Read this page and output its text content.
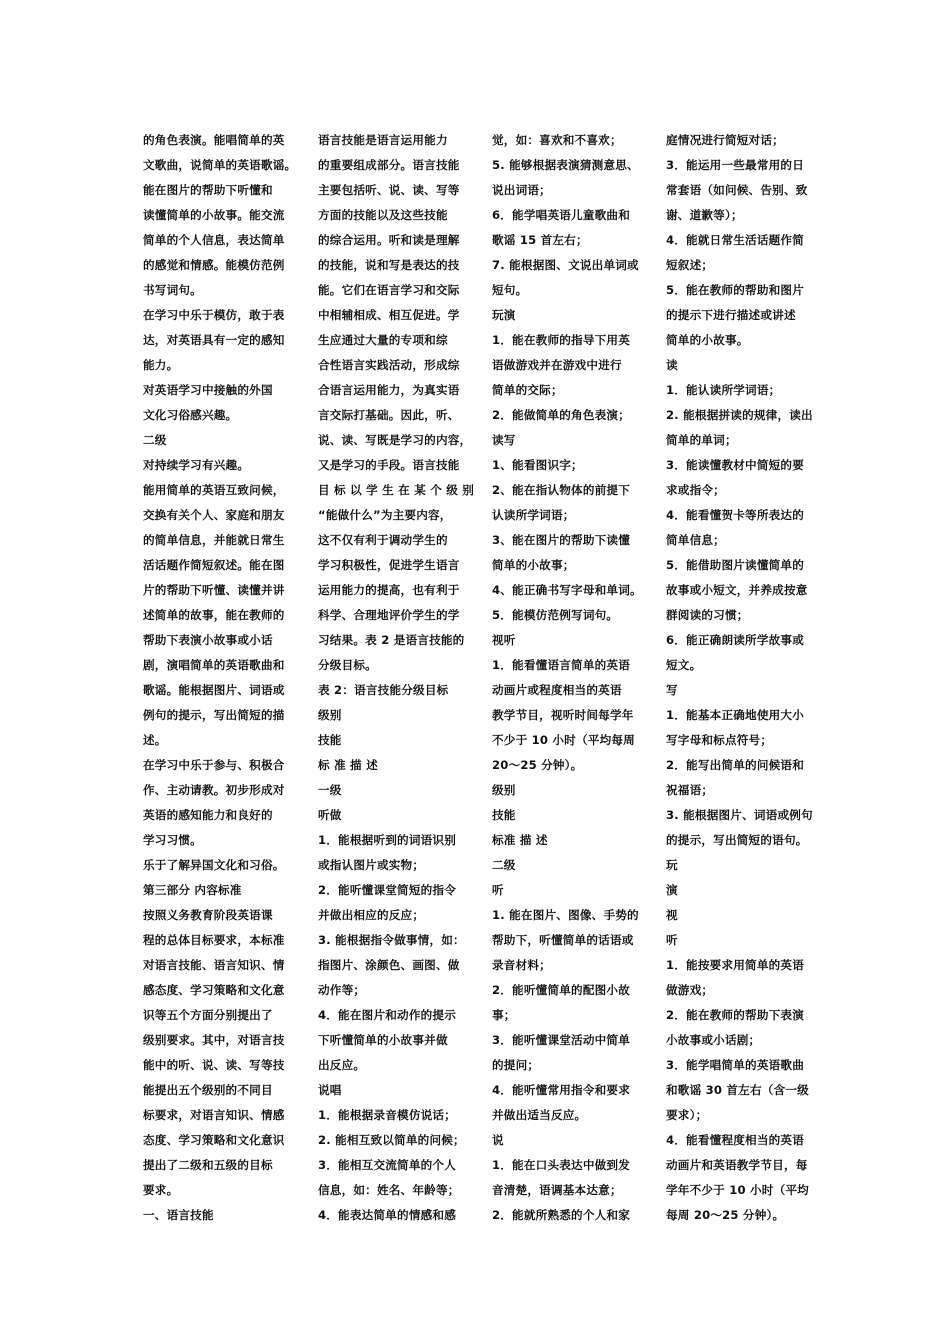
的角色表演。能唱简单的英
文歌曲，说简单的英语歌谣。
能在图片的帮助下听懂和
读懂简单的小故事。能交流
简单的个人信息，表达简单
的感觉和情感。能模仿范例
书写词句。
在学习中乐于模仿，敢于表
达，对英语具有一定的感知
能力。
对英语学习中接触的外国
文化习俗感兴趣。
二级
对持续学习有兴趣。
能用简单的英语互致问候，
交换有关个人、家庭和朋友
的简单信息，并能就日常生
活话题作简短叙述。能在图
片的帮助下听懂、读懂并讲
述简单的故事，能在教师的
帮助下表演小故事或小话
剧，演唱简单的英语歌曲和
歌谣。能根据图片、词语或
例句的提示，写出简短的描
述。
在学习中乐于参与、积极合
作、主动请教。初步形成对
英语的感知能力和良好的
学习习惯。
乐于了解异国文化和习俗。
第三部分 内容标准
按照义务教育阶段英语课
程的总体目标要求，本标准
对语言技能、语言知识、情
感态度、学习策略和文化意
识等五个方面分别提出了
级别要求。其中，对语言技
能中的听、说、读、写等技
能提出五个级别的不同目
标要求，对语言知识、情感
态度、学习策略和文化意识
提出了二级和五级的目标
要求。
一、语言技能
语言技能是语言运用能力
的重要组成部分。语言技能
主要包括听、说、读、写等
方面的技能以及这些技能
的综合运用。听和读是理解
的技能，说和写是表达的技
能。它们在语言学习和交际
中相辅相成、相互促进。学
生应通过大量的专项和综
合性语言实践活动，形成综
合语言运用能力，为真实语
言交际打基础。因此，听、
说、读、写既是学习的内容，
又是学习的手段。语言技能
目 标 以 学 生 在 某 个 级 别
“能做什么”为主要内容，
这不仅有利于调动学生的
学习积极性，促进学生语言
运用能力的提高，也有利于
科学、合理地评价学生的学
习结果。表 2 是语言技能的
分级目标。
表 2：语言技能分级目标
级别
技能
标 准 描 述
一级
听做
1．能根据听到的词语识别
或指认图片或实物；
2．能听懂课堂简短的指令
并做出相应的反应；
3. 能根据指令做事情，如：
指图片、涂颜色、画图、做
动作等；
4．能在图片和动作的提示
下听懂简单的小故事并做
出反应。
说唱
1．能根据录音模仿说话；
2. 能相互致以简单的问候；
3．能相互交流简单的个人
信息，如：姓名、年龄等；
4．能表达简单的情感和感
觉，如：喜欢和不喜欢；
5. 能够根据表演猜测意思、
说出词语；
6．能学唱英语儿童歌曲和
歌谣 15 首左右；
7. 能根据图、文说出单词或
短句。
玩演
1．能在教师的指导下用英
语做游戏并在游戏中进行
简单的交际；
2．能做简单的角色表演；
读写
1、能看图识字；
2、能在指认物体的前提下
认读所学词语；
3、能在图片的帮助下读懂
简单的小故事；
4、能正确书写字母和单词。
5．能模仿范例写词句。
视听
1．能看懂语言简单的英语
动画片或程度相当的英语
教学节目，视听时间每学年
不少于 10 小时（平均每周
20～25 分钟）。
级别
技能
标准 描 述
二级
听
1. 能在图片、图像、手势的
帮助下，听懂简单的话语或
录音材料；
2．能听懂简单的配图小故
事；
3．能听懂课堂活动中简单
的提问；
4．能听懂常用指令和要求
并做出适当反应。
说
1．能在口头表达中做到发
音清楚，语调基本达意；
2．能就所熟悉的个人和家
庭情况进行简短对话；
3．能运用一些最常用的日
常套语（如问候、告别、致
谢、道歉等）；
4．能就日常生活话题作简
短叙述；
5．能在教师的帮助和图片
的提示下进行描述或讲述
简单的小故事。
读
1．能认读所学词语；
2. 能根据拼读的规律，读出
简单的单词；
3．能读懂教材中简短的要
求或指令；
4．能看懂贺卡等所表达的
简单信息；
5．能借助图片读懂简单的
故事或小短文，并养成按意
群阅读的习惯；
6．能正确朗读所学故事或
短文。
写
1．能基本正确地使用大小
写字母和标点符号；
2．能写出简单的问候语和
祝福语；
3. 能根据图片、词语或例句
的提示，写出简短的语句。
玩
演
视
听
1．能按要求用简单的英语
做游戏；
2．能在教师的帮助下表演
小故事或小话剧；
3．能学唱简单的英语歌曲
和歌谣 30 首左右（含一级
要求）；
4．能看懂程度相当的英语
动画片和英语教学节目，每
学年不少于 10 小时（平均
每周 20～25 分钟）。
